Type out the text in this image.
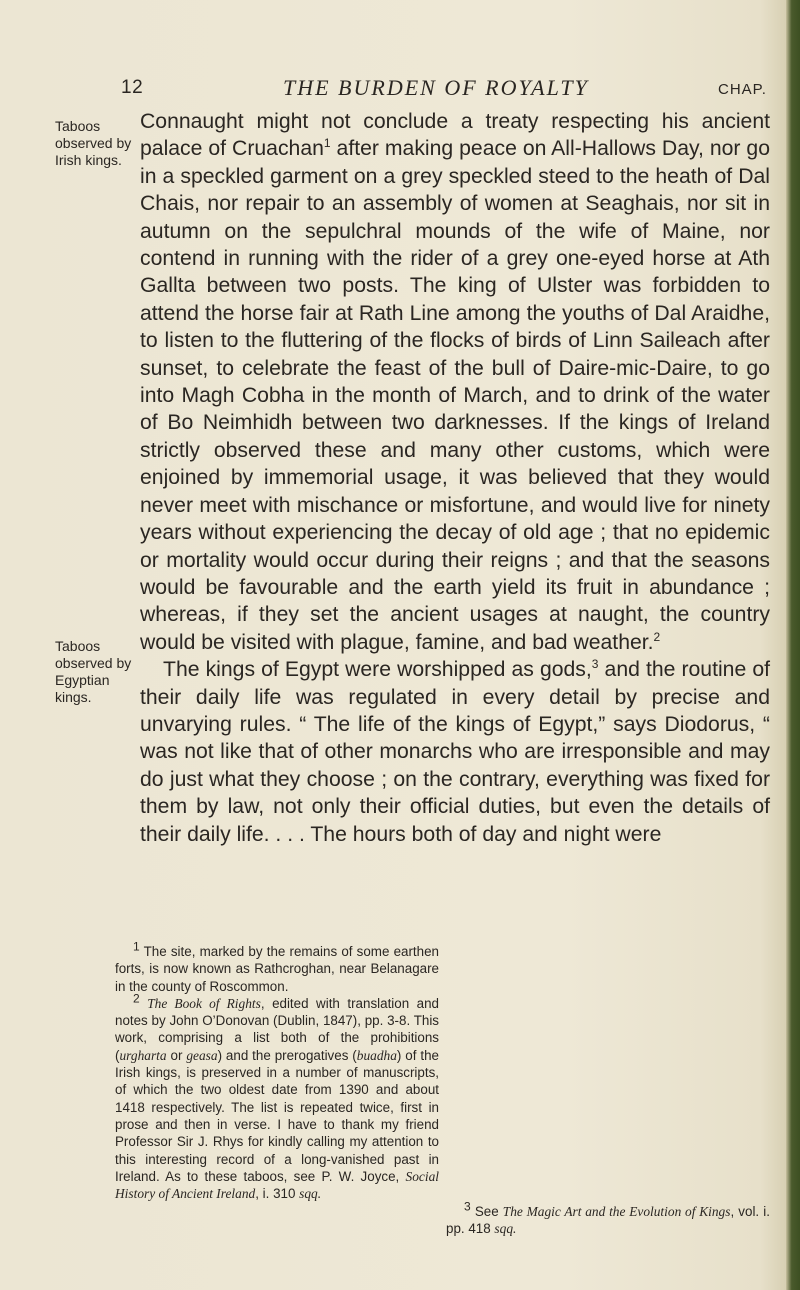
12	THE BURDEN OF ROYALTY	CHAP.
Taboos observed by Irish kings.
Taboos observed by Egyptian kings.

Connaught might not conclude a treaty respecting his ancient palace of Cruachan$^1$ after making peace on All-Hallows Day, nor go in a speckled garment on a grey speckled steed to the heath of Dal Chais, nor repair to an assembly of women at Seaghais, nor sit in autumn on the sepulchral mounds of the wife of Maine, nor contend in running with the rider of a grey one-eyed horse at Ath Gallta between two posts. The king of Ulster was forbidden to attend the horse fair at Rath Line among the youths of Dal Araidhe, to listen to the fluttering of the flocks of birds of Linn Saileach after sunset, to celebrate the feast of the bull of Daire-mic-Daire, to go into Magh Cobha in the month of March, and to drink of the water of Bo Neimhidh between two darknesses. If the kings of Ireland strictly observed these and many other customs, which were enjoined by immemorial usage, it was believed that they would never meet with mischance or misfortune, and would live for ninety years without experiencing the decay of old age ; that no epidemic or mortality would occur during their reigns ; and that the seasons would be favourable and the earth yield its fruit in abundance ; whereas, if they set the ancient usages at naught, the country would be visited with plague, famine, and bad weather.$^2$

The kings of Egypt were worshipped as gods,$^3$ and the routine of their daily life was regulated in every detail by precise and unvarying rules. “ The life of the kings of Egypt,” says Diodorus, “ was not like that of other monarchs who are irresponsible and may do just what they choose ; on the contrary, everything was fixed for them by law, not only their official duties, but even the details of their daily life. . . . The hours both of day and night were

$^1$ The site, marked by the remains of some earthen forts, is now known as Rathcroghan, near Belanagare in the county of Roscommon.

$^2$ The Book of Rights, edited with translation and notes by John O’Donovan (Dublin, 1847), pp. 3-8. This work, comprising a list both of the prohibitions (urgharta or geasa) and the prerogatives (buadha) of the Irish kings, is preserved in a number of manuscripts, of which the two oldest date from 1390 and about 1418 respectively. The list is repeated twice, first in prose and then in verse. I have to thank my friend Professor Sir J. Rhys for kindly calling my attention to this interesting record of a long-vanished past in Ireland. As to these taboos, see P. W. Joyce, Social History of Ancient Ireland, i. 310 sqq.

$^3$ See The Magic Art and the Evolution of Kings, vol. i. pp. 418 sqq.
